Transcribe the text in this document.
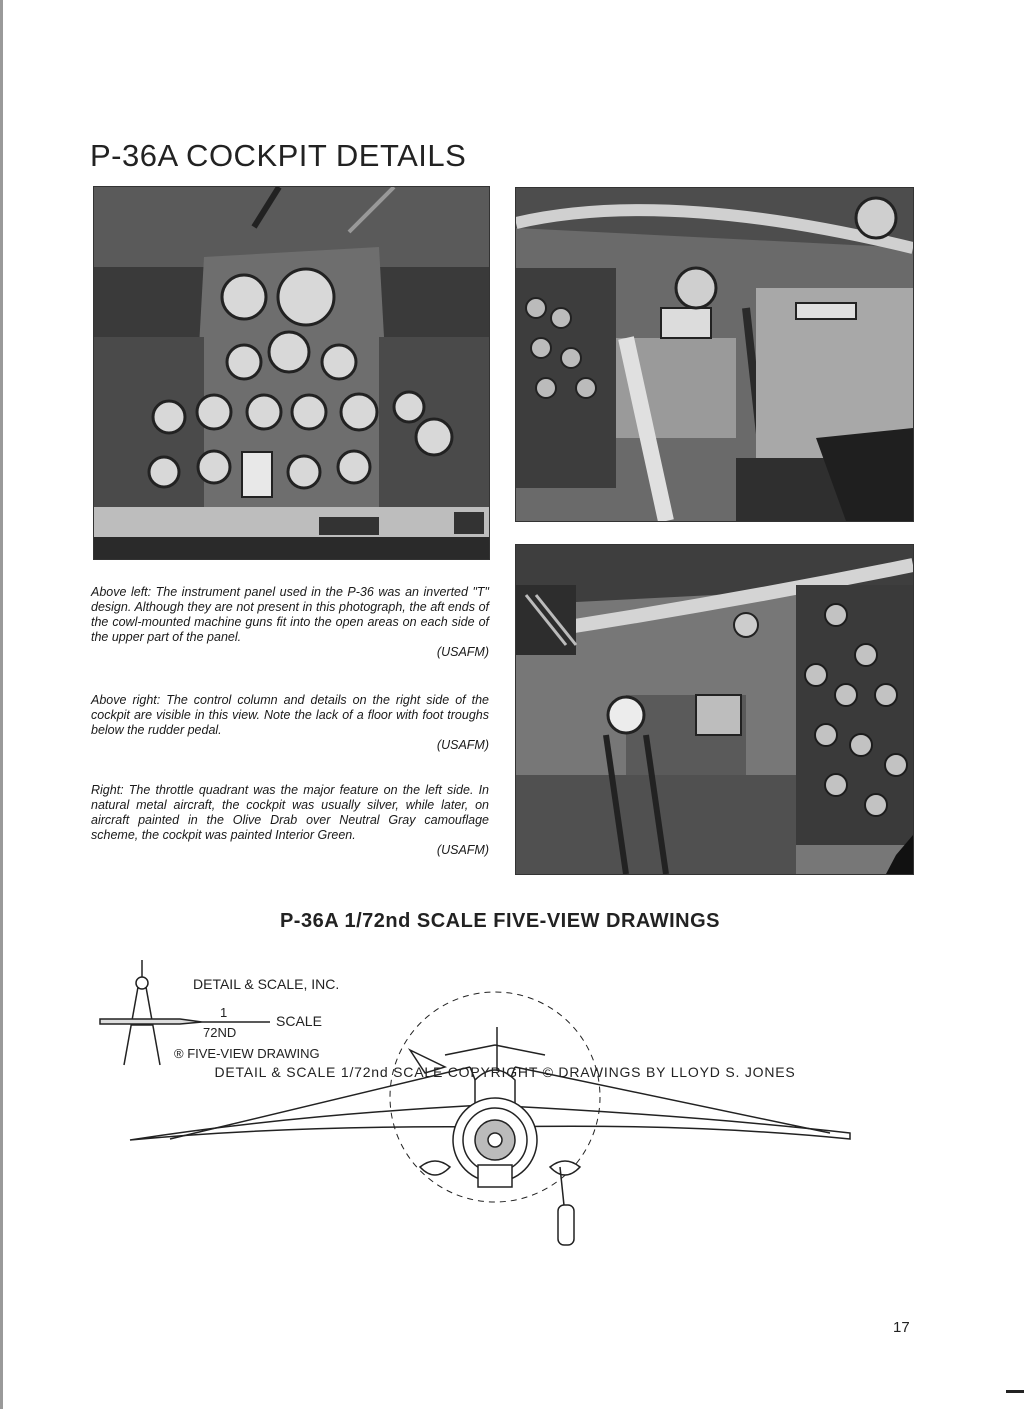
P-36A COCKPIT DETAILS

Above left: The instrument panel used in the P-36 was an inverted "T" design. Although they are not present in this photograph, the aft ends of the cowl-mounted machine guns fit into the open areas on each side of the upper part of the panel.
(USAFM)

Above right: The control column and details on the right side of the cockpit are visible in this view. Note the lack of a floor with foot troughs below the rudder pedal.
(USAFM)

Right: The throttle quadrant was the major feature on the left side. In natural metal aircraft, the cockpit was usually silver, while later, on aircraft painted in the Olive Drab over Neutral Gray camouflage scheme, the cockpit was painted Interior Green.
(USAFM)

P-36A 1/72nd SCALE FIVE-VIEW DRAWINGS
DETAIL & SCALE, INC.
1
SCALE
72ND
® FIVE-VIEW DRAWING

DETAIL & SCALE 1/72nd SCALE COPYRIGHT © DRAWINGS BY LLOYD S. JONES

17
